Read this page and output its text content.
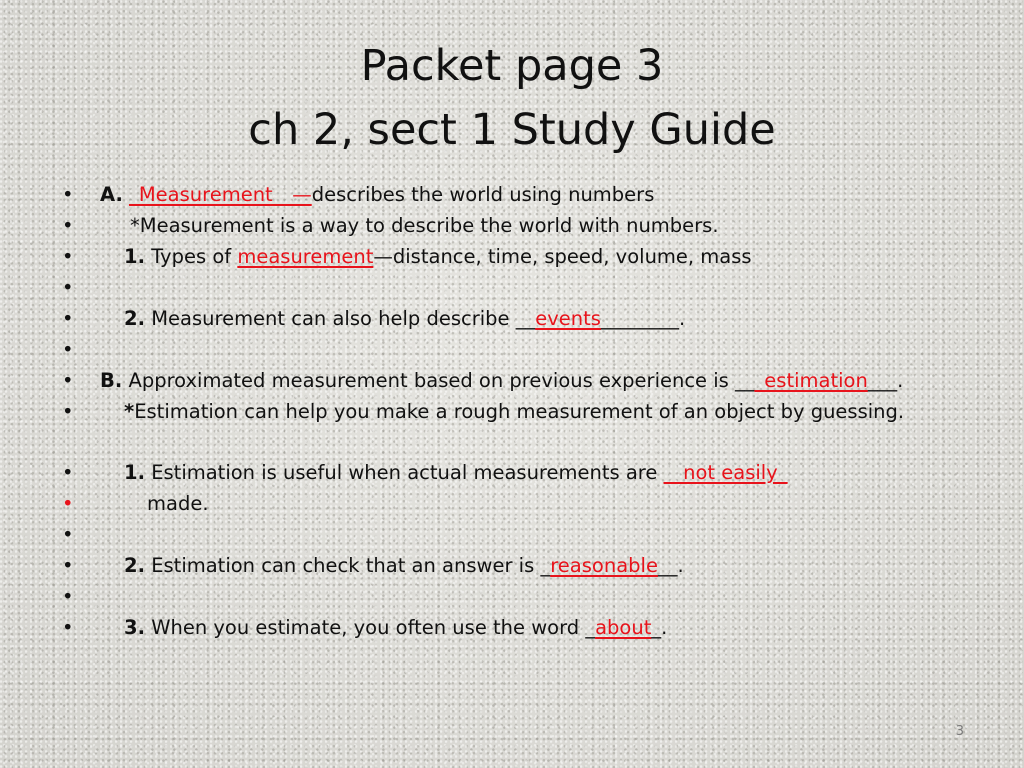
Packet page 3
ch 2, sect 1 Study Guide
• A. _Measurement__—describes the world using numbers
•	*Measurement is a way to describe the world with numbers.
•	1. Types of measurement—distance, time, speed, volume, mass
•
•	2. Measurement can also help describe __events________.
•
• B. Approximated measurement based on previous experience is ___estimation___.
•	*Estimation can help you make a rough measurement of an object by guessing.
•	1. Estimation is useful when actual measurements are __not easily_
•	made.
•
•	2. Estimation can check that an answer is _reasonable__.
•
•	3. When you estimate, you often use the word _about_.
3
